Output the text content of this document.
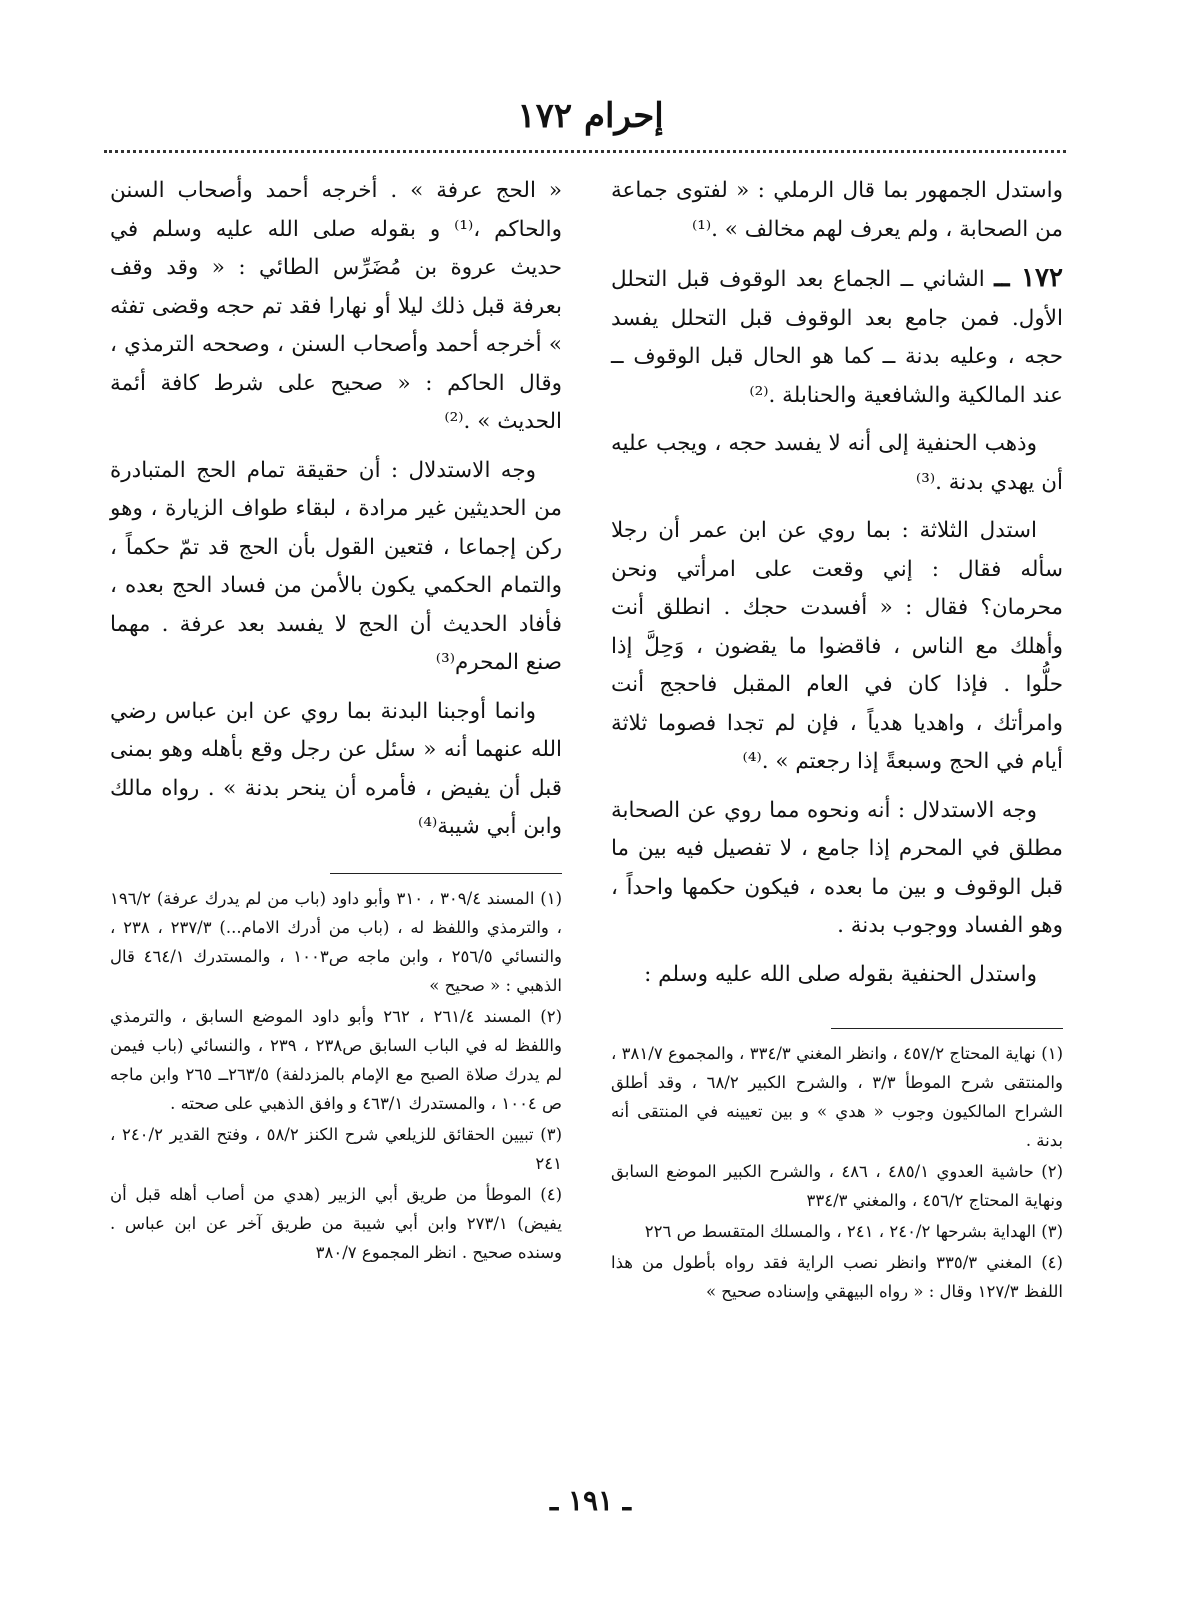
إحرام ١٧٢

واستدل الجمهور بما قال الرملي : « لفتوى جماعة من الصحابة ، ولم يعرف لهم مخالف » .⁽¹⁾

١٧٢ ــ الشاني ــ الجماع بعد الوقوف قبل التحلل الأول. فمن جامع بعد الوقوف قبل التحلل يفسد حجه ، وعليه بدنة ــ كما هو الحال قبل الوقوف ــ عند المالكية والشافعية والحنابلة .⁽²⁾

وذهب الحنفية إلى أنه لا يفسد حجه ، ويجب عليه أن يهدي بدنة .⁽³⁾

استدل الثلاثة : بما روي عن ابن عمر أن رجلا سأله فقال : إني وقعت على امرأتي ونحن محرمان؟ فقال : « أفسدت حجك . انطلق أنت وأهلك مع الناس ، فاقضوا ما يقضون ، وَحِلَّ إذا حلُّوا . فإذا كان في العام المقبل فاحجج أنت وامرأتك ، واهديا هدياً ، فإن لم تجدا فصوما ثلاثة أيام في الحج وسبعةً إذا رجعتم » .⁽⁴⁾

وجه الاستدلال : أنه ونحوه مما روي عن الصحابة مطلق في المحرم إذا جامع ، لا تفصيل فيه بين ما قبل الوقوف و بين ما بعده ، فيكون حكمها واحداً ، وهو الفساد ووجوب بدنة .

واستدل الحنفية بقوله صلى الله عليه وسلم :

(١) نهاية المحتاج ٤٥٧/٢ ، وانظر المغني ٣٣٤/٣ ، والمجموع ٣٨١/٧ ، والمنتقى شرح الموطأ ٣/٣ ، والشرح الكبير ٦٨/٢ ، وقد أطلق الشراح المالكيون وجوب « هدي » و بين تعيينه في المنتقى أنه بدنة .
(٢) حاشية العدوي ٤٨٥/١ ، ٤٨٦ ، والشرح الكبير الموضع السابق ونهاية المحتاج ٤٥٦/٢ ، والمغني ٣٣٤/٣
(٣) الهداية بشرحها ٢٤٠/٢ ، ٢٤١ ، والمسلك المتقسط ص ٢٢٦
(٤) المغني ٣٣٥/٣ وانظر نصب الراية فقد رواه بأطول من هذا اللفظ ١٢٧/٣ وقال : « رواه البيهقي وإسناده صحيح »

« الحج عرفة » . أخرجه أحمد وأصحاب السنن والحاكم ،⁽¹⁾ و بقوله صلى الله عليه وسلم في حديث عروة بن مُضَرِّس الطائي : « وقد وقف بعرفة قبل ذلك ليلا أو نهارا فقد تم حجه وقضى تفثه » أخرجه أحمد وأصحاب السنن ، وصححه الترمذي ، وقال الحاكم : « صحيح على شرط كافة أئمة الحديث » .⁽²⁾

وجه الاستدلال : أن حقيقة تمام الحج المتبادرة من الحديثين غير مرادة ، لبقاء طواف الزيارة ، وهو ركن إجماعا ، فتعين القول بأن الحج قد تمّ حكماً ، والتمام الحكمي يكون بالأمن من فساد الحج بعده ، فأفاد الحديث أن الحج لا يفسد بعد عرفة . مهما صنع المحرم⁽³⁾

وانما أوجبنا البدنة بما روي عن ابن عباس رضي الله عنهما أنه « سئل عن رجل وقع بأهله وهو بمنى قبل أن يفيض ، فأمره أن ينحر بدنة » . رواه مالك وابن أبي شيبة⁽⁴⁾

(١) المسند ٣٠٩/٤ ، ٣١٠ وأبو داود (باب من لم يدرك عرفة) ١٩٦/٢ ، والترمذي واللفظ له ، (باب من أدرك الامام...) ٢٣٧/٣ ، ٢٣٨ ، والنسائي ٢٥٦/٥ ، وابن ماجه ص١٠٠٣ ، والمستدرك ٤٦٤/١ قال الذهبي : « صحيح »
(٢) المسند ٢٦١/٤ ، ٢٦٢ وأبو داود الموضع السابق ، والترمذي واللفظ له في الباب السابق ص٢٣٨ ، ٢٣٩ ، والنسائي (باب فيمن لم يدرك صلاة الصبح مع الإمام بالمزدلفة) ٢٦٣/٥ــ ٢٦٥ وابن ماجه ص ١٠٠٤ ، والمستدرك ٤٦٣/١ و وافق الذهبي على صحته .
(٣) تبيين الحقائق للزيلعي شرح الكنز ٥٨/٢ ، وفتح القدير ٢٤٠/٢ ، ٢٤١
(٤) الموطأ من طريق أبي الزبير (هدي من أصاب أهله قبل أن يفيض) ٢٧٣/١ وابن أبي شيبة من طريق آخر عن ابن عباس . وسنده صحيح . انظر المجموع ٣٨٠/٧
ـ ١٩١ ـ
